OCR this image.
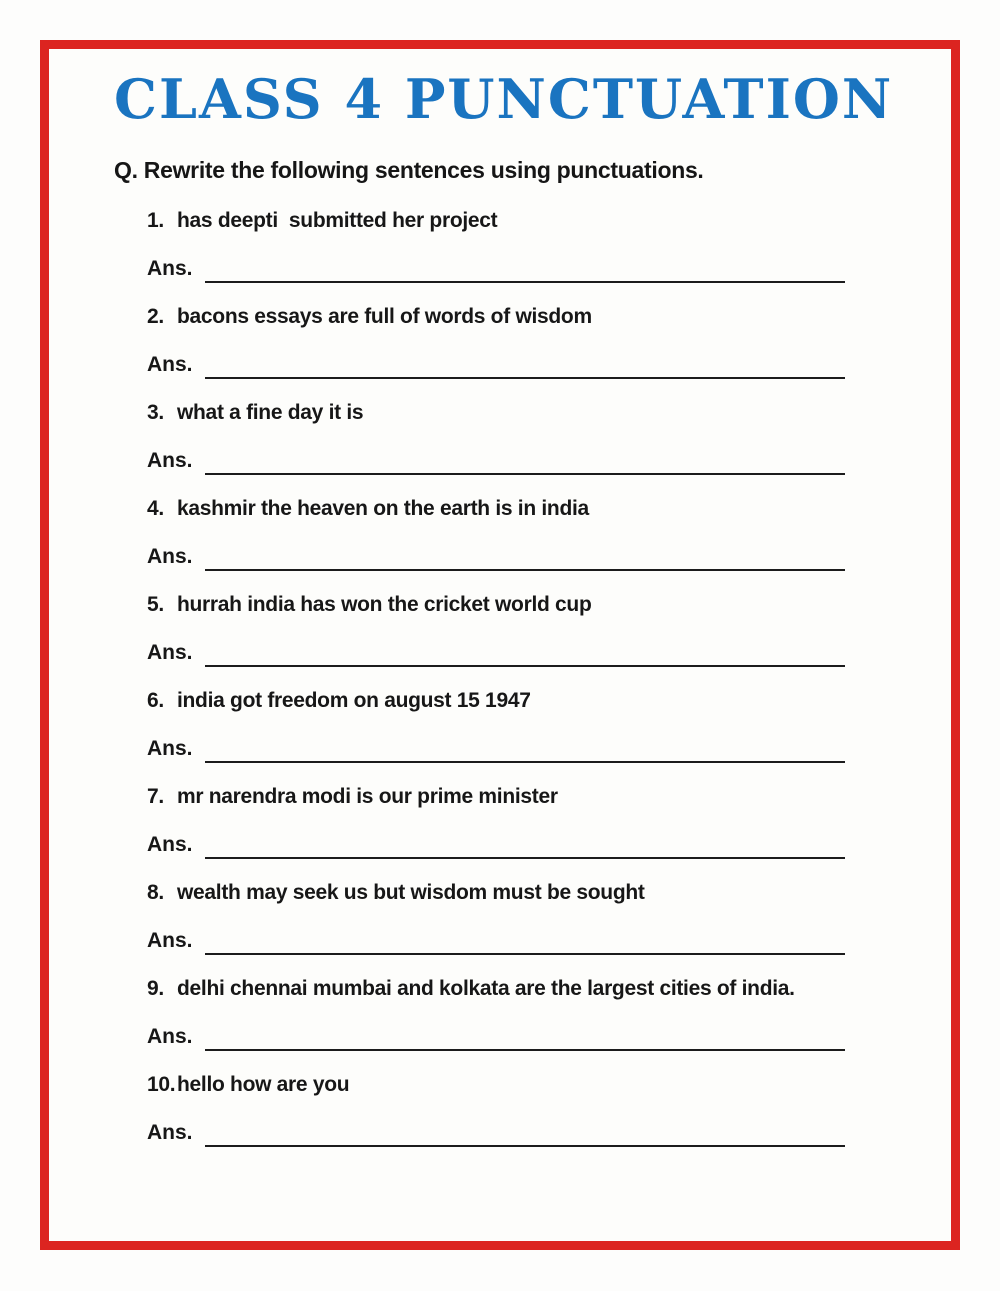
CLASS 4 PUNCTUATION
Q. Rewrite the following sentences using punctuations.
1. has deepti  submitted her project
Ans.
2. bacons essays are full of words of wisdom
Ans.
3. what a fine day it is
Ans.
4. kashmir the heaven on the earth is in india
Ans.
5. hurrah india has won the cricket world cup
Ans.
6. india got freedom on august 15 1947
Ans.
7. mr narendra modi is our prime minister
Ans.
8. wealth may seek us but wisdom must be sought
Ans.
9. delhi chennai mumbai and kolkata are the largest cities of india.
Ans.
10. hello how are you
Ans.
